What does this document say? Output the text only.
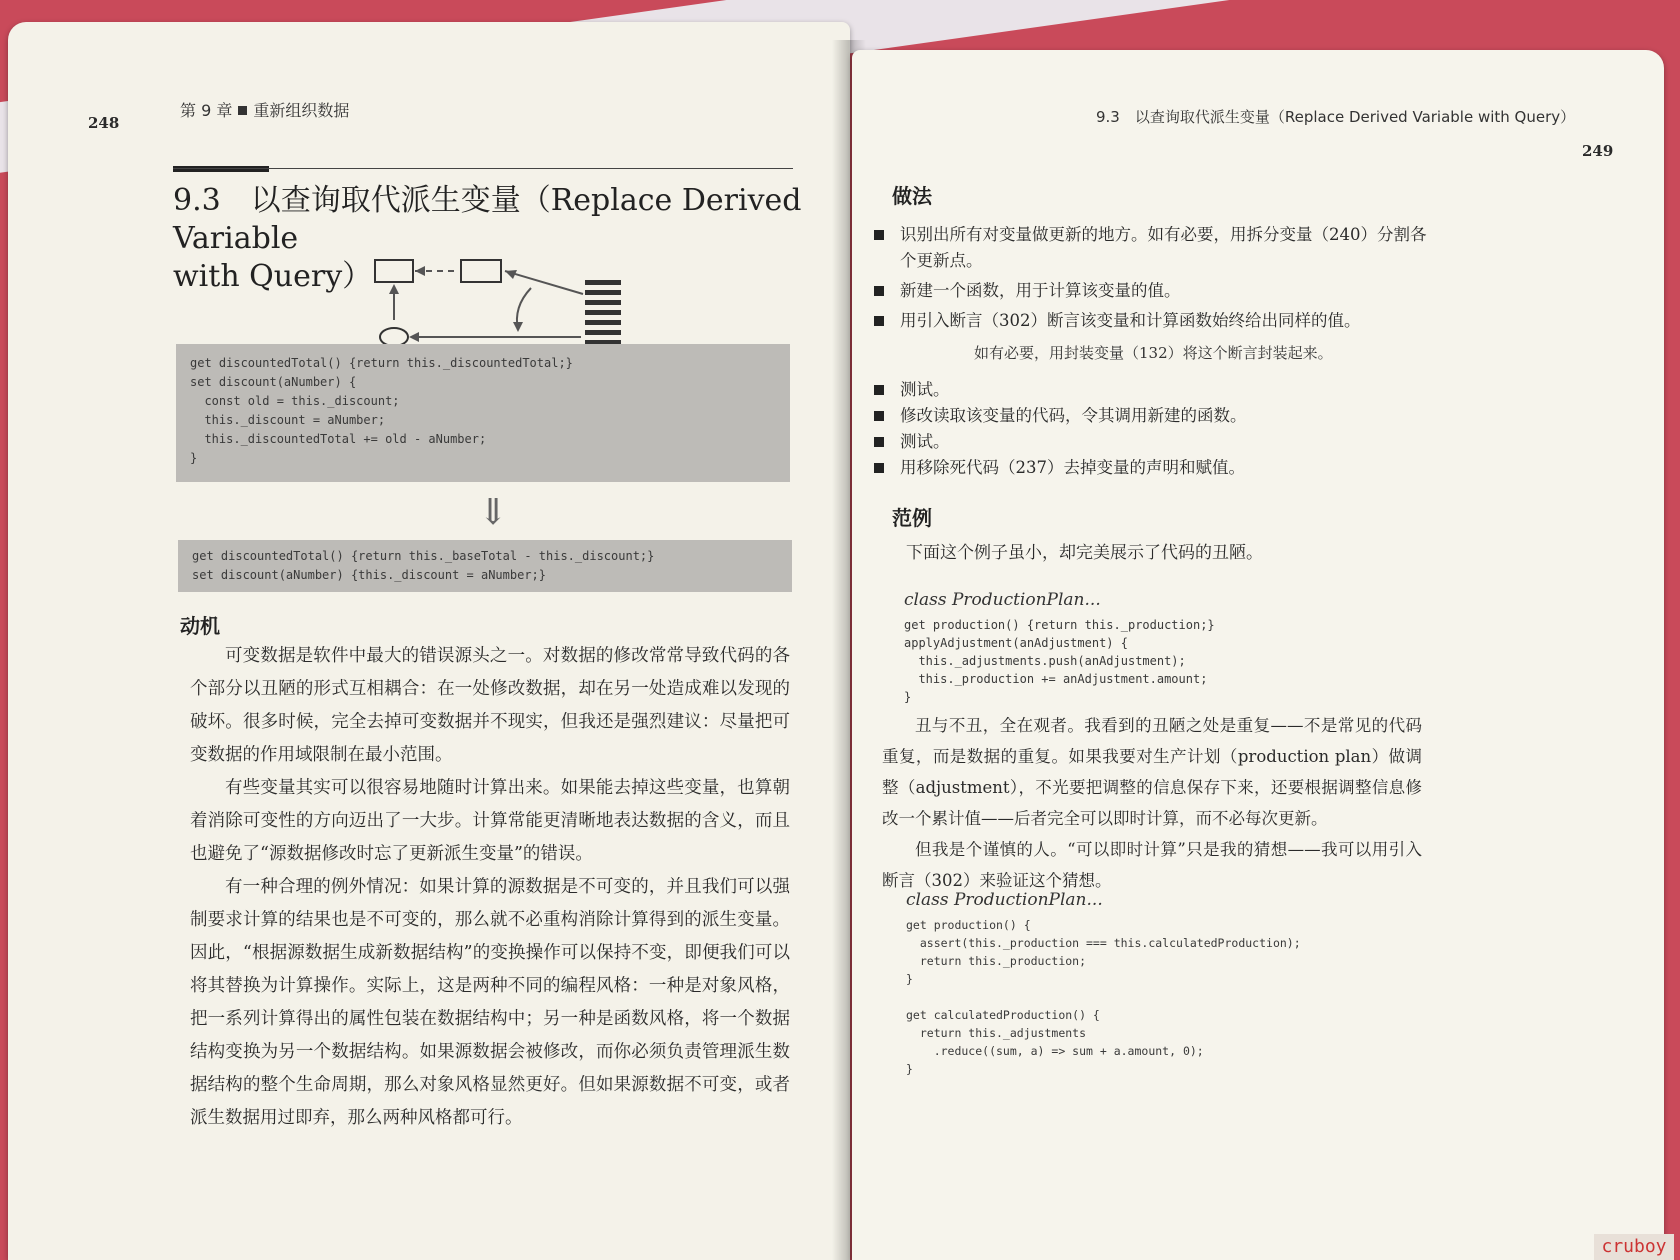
248
第 9 章 重新组织数据
9.3　以查询取代派生变量（Replace Derived Variable
with Query）
get discountedTotal() {return this._discountedTotal;}
set discount(aNumber) {
const old = this._discount;
this._discount = aNumber;
this._discountedTotal += old - aNumber;
}
⇓
get discountedTotal() {return this._baseTotal - this._discount;}
set discount(aNumber) {this._discount = aNumber;}
动机

可变数据是软件中最大的错误源头之一。对数据的修改常常导致代码的各个部分以丑陋的形式互相耦合：在一处修改数据，却在另一处造成难以发现的破坏。很多时候，完全去掉可变数据并不现实，但我还是强烈建议：尽量把可变数据的作用域限制在最小范围。

有些变量其实可以很容易地随时计算出来。如果能去掉这些变量，也算朝着消除可变性的方向迈出了一大步。计算常能更清晰地表达数据的含义，而且也避免了“源数据修改时忘了更新派生变量”的错误。

有一种合理的例外情况：如果计算的源数据是不可变的，并且我们可以强制要求计算的结果也是不可变的，那么就不必重构消除计算得到的派生变量。因此，“根据源数据生成新数据结构”的变换操作可以保持不变，即便我们可以将其替换为计算操作。实际上，这是两种不同的编程风格：一种是对象风格，把一系列计算得出的属性包装在数据结构中；另一种是函数风格，将一个数据结构变换为另一个数据结构。如果源数据会被修改，而你必须负责管理派生数据结构的整个生命周期，那么对象风格显然更好。但如果源数据不可变，或者派生数据用过即弃，那么两种风格都可行。

9.3　以查询取代派生变量（Replace Derived Variable with Query）
249
做法
识别出所有对变量做更新的地方。如有必要，用拆分变量（240）分割各个更新点。
新建一个函数，用于计算该变量的值。
用引入断言（302）断言该变量和计算函数始终给出同样的值。
如有必要，用封装变量（132）将这个断言封装起来。
测试。
修改读取该变量的代码，令其调用新建的函数。
测试。
用移除死代码（237）去掉变量的声明和赋值。
范例
下面这个例子虽小，却完美展示了代码的丑陋。
class ProductionPlan...
get production() {return this._production;}
applyAdjustment(anAdjustment) {
this._adjustments.push(anAdjustment);
this._production += anAdjustment.amount;
}

丑与不丑，全在观者。我看到的丑陋之处是重复——不是常见的代码重复，而是数据的重复。如果我要对生产计划（production plan）做调整（adjustment），不光要把调整的信息保存下来，还要根据调整信息修改一个累计值——后者完全可以即时计算，而不必每次更新。

但我是个谨慎的人。“可以即时计算”只是我的猜想——我可以用引入断言（302）来验证这个猜想。

class ProductionPlan...
get production() {
assert(this._production === this.calculatedProduction);
return this._production;
}

get calculatedProduction() {
return this._adjustments
.reduce((sum, a) => sum + a.amount, 0);
}
cruboy
